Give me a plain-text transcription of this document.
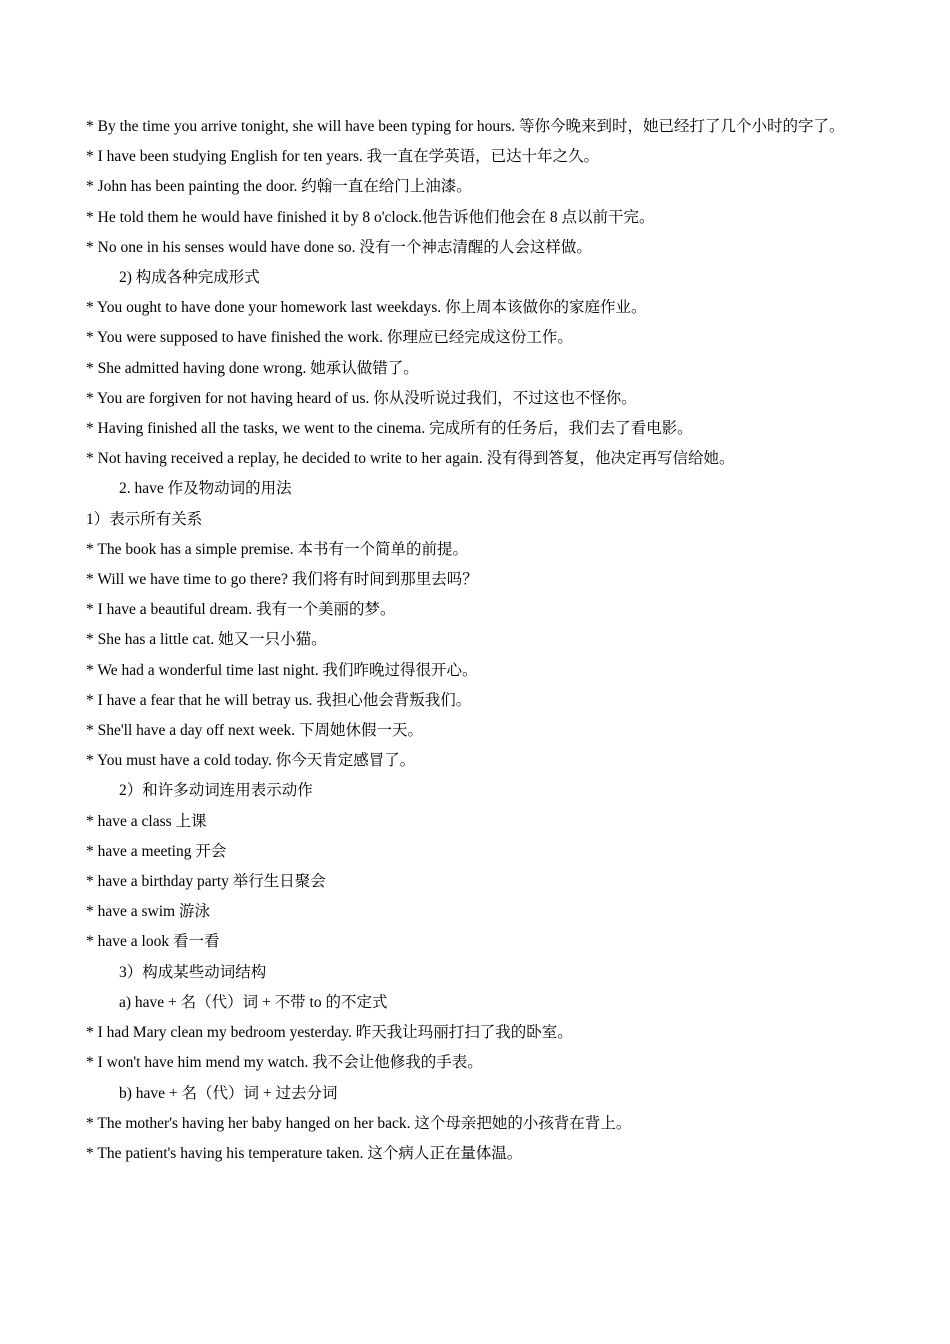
* By the time you arrive tonight, she will have been typing for hours. 等你今晚来到时，她已经打了几个小时的字了。
* I have been studying English for ten years. 我一直在学英语，已达十年之久。
* John has been painting the door. 约翰一直在给门上油漆。
* He told them he would have finished it by 8 o'clock.他告诉他们他会在 8 点以前干完。
* No one in his senses would have done so. 没有一个神志清醒的人会这样做。
2) 构成各种完成形式
* You ought to have done your homework last weekdays. 你上周本该做你的家庭作业。
* You were supposed to have finished the work. 你理应已经完成这份工作。
* She admitted having done wrong. 她承认做错了。
* You are forgiven for not having heard of us. 你从没听说过我们，不过这也不怪你。
* Having finished all the tasks, we went to the cinema. 完成所有的任务后，我们去了看电影。
* Not having received a replay, he decided to write to her again. 没有得到答复，他决定再写信给她。
2. have 作及物动词的用法
1）表示所有关系
* The book has a simple premise. 本书有一个简单的前提。
* Will we have time to go there? 我们将有时间到那里去吗？
* I have a beautiful dream. 我有一个美丽的梦。
* She has a little cat. 她又一只小猫。
* We had a wonderful time last night. 我们昨晚过得很开心。
* I have a fear that he will betray us. 我担心他会背叛我们。
* She'll have a day off next week. 下周她休假一天。
* You must have a cold today. 你今天肯定感冒了。
2）和许多动词连用表示动作
* have a class 上课
* have a meeting 开会
* have a birthday party 举行生日聚会
* have a swim 游泳
* have a look 看一看
3）构成某些动词结构
a) have + 名（代）词 + 不带 to 的不定式
* I had Mary clean my bedroom yesterday. 昨天我让玛丽打扫了我的卧室。
* I won't have him mend my watch. 我不会让他修我的手表。
b) have + 名（代）词 + 过去分词
* The mother's having her baby hanged on her back. 这个母亲把她的小孩背在背上。
* The patient's having his temperature taken. 这个病人正在量体温。
